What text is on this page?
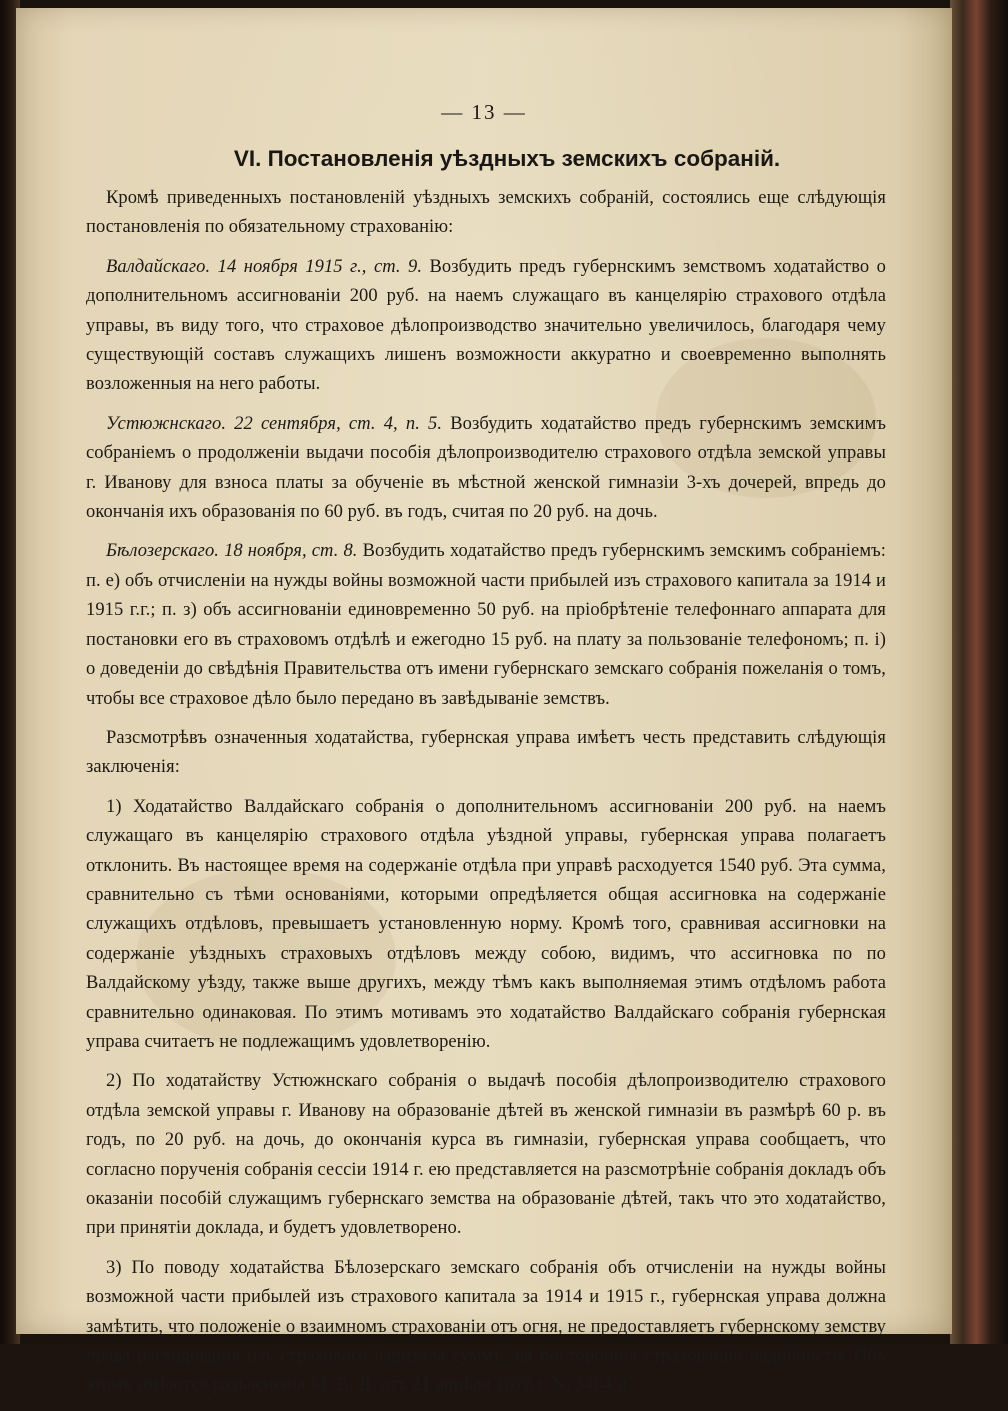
— 13 —
VI. Постановленія уѣздныхъ земскихъ собраній.

Кромѣ приведенныхъ постановленій уѣздныхъ земскихъ собраній, состоялись еще слѣдующія постановленія по обязательному страхованію:

Валдайскаго. 14 ноября 1915 г., ст. 9. Возбудить предъ губернскимъ земствомъ ходатайство о дополнительномъ ассигнованіи 200 руб. на наемъ служащаго въ канцелярію страхового отдѣла управы, въ виду того, что страховое дѣлопроизводство значительно увеличилось, благодаря чему существующій составъ служащихъ лишенъ возможности аккуратно и своевременно выполнять возложенныя на него работы.

Устюжнскаго. 22 сентября, ст. 4, п. 5. Возбудить ходатайство предъ губернскимъ земскимъ собраніемъ о продолженіи выдачи пособія дѣлопроизводителю страхового отдѣла земской управы г. Иванову для взноса платы за обученіе въ мѣстной женской гимназіи 3-хъ дочерей, впредь до окончанія ихъ образованія по 60 руб. въ годъ, считая по 20 руб. на дочь.

Бѣлозерскаго. 18 ноября, ст. 8. Возбудить ходатайство предъ губернскимъ земскимъ собраніемъ: п. е) объ отчисленіи на нужды войны возможной части прибылей изъ страхового капитала за 1914 и 1915 г.г.; п. з) объ ассигнованіи единовременно 50 руб. на пріобрѣтеніе телефоннаго аппарата для постановки его въ страховомъ отдѣлѣ и ежегодно 15 руб. на плату за пользованіе телефономъ; п. і) о доведеніи до свѣдѣнія Правительства отъ имени губернскаго земскаго собранія пожеланія о томъ, чтобы все страховое дѣло было передано въ завѣдываніе земствъ.

Разсмотрѣвъ означенныя ходатайства, губернская управа имѣетъ честь представить слѣдующія заключенія:

1) Ходатайство Валдайскаго собранія о дополнительномъ ассигнованіи 200 руб. на наемъ служащаго въ канцелярію страхового отдѣла уѣздной управы, губернская управа полагаетъ отклонить. Въ настоящее время на содержаніе отдѣла при управѣ расходуется 1540 руб. Эта сумма, сравнительно съ тѣми основаніями, которыми опредѣляется общая ассигновка на содержаніе служащихъ отдѣловъ, превышаетъ установленную норму. Кромѣ того, сравнивая ассигновки на содержаніе уѣздныхъ страховыхъ отдѣловъ между собою, видимъ, что ассигновка по по Валдайскому уѣзду, также выше другихъ, между тѣмъ какъ выполняемая этимъ отдѣломъ работа сравнительно одинаковая. По этимъ мотивамъ это ходатайство Валдайскаго собранія губернская управа считаетъ не подлежащимъ удовлетворенію.

2) По ходатайству Устюжнскаго собранія о выдачѣ пособія дѣлопроизводителю страхового отдѣла земской управы г. Иванову на образованіе дѣтей въ женской гимназіи въ размѣрѣ 60 р. въ годъ, по 20 руб. на дочь, до окончанія курса въ гимназіи, губернская управа сообщаетъ, что согласно порученія собранія сессіи 1914 г. ею представляется на разсмотрѣніе собранія докладъ объ оказаніи пособій служащимъ губернскаго земства на образованіе дѣтей, такъ что это ходатайство, при принятіи доклада, и будетъ удовлетворено.

3) По поводу ходатайства Бѣлозерскаго земскаго собранія объ отчисленіи на нужды войны возможной части прибылей изъ страхового капитала за 1914 и 1915 г., губернская управа должна замѣтить, что положеніе о взаимномъ страхованіи отъ огня, не предоставляетъ губернскому земству права расходованія изъ страхового капитала суммъ, на постороннія страхованію надобности. Объ этомъ имѣются разъясненія М. В. Д. отъ 21 апрѣля 1876 г. № 3484 и
